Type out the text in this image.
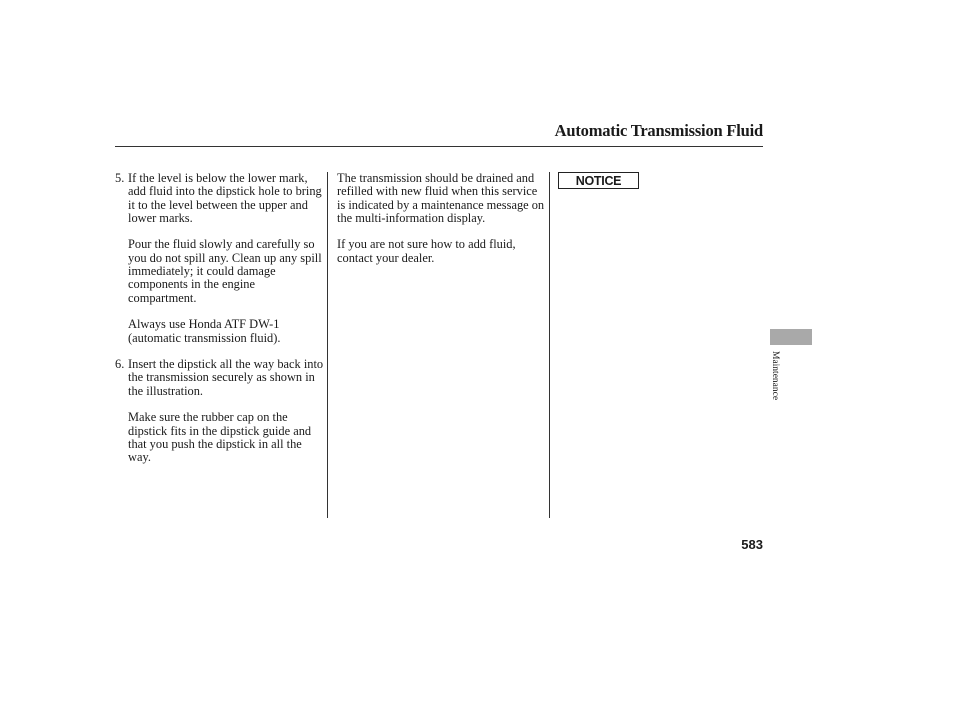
Automatic Transmission Fluid
5. If the level is below the lower mark, add fluid into the dipstick hole to bring it to the level between the upper and lower marks.

Pour the fluid slowly and carefully so you do not spill any. Clean up any spill immediately; it could damage components in the engine compartment.

Always use Honda ATF DW-1 (automatic transmission fluid).

6. Insert the dipstick all the way back into the transmission securely as shown in the illustration.

Make sure the rubber cap on the dipstick fits in the dipstick guide and that you push the dipstick in all the way.

The transmission should be drained and refilled with new fluid when this service is indicated by a maintenance message on the multi-information display.

If you are not sure how to add fluid, contact your dealer.

NOTICE
Maintenance
583
